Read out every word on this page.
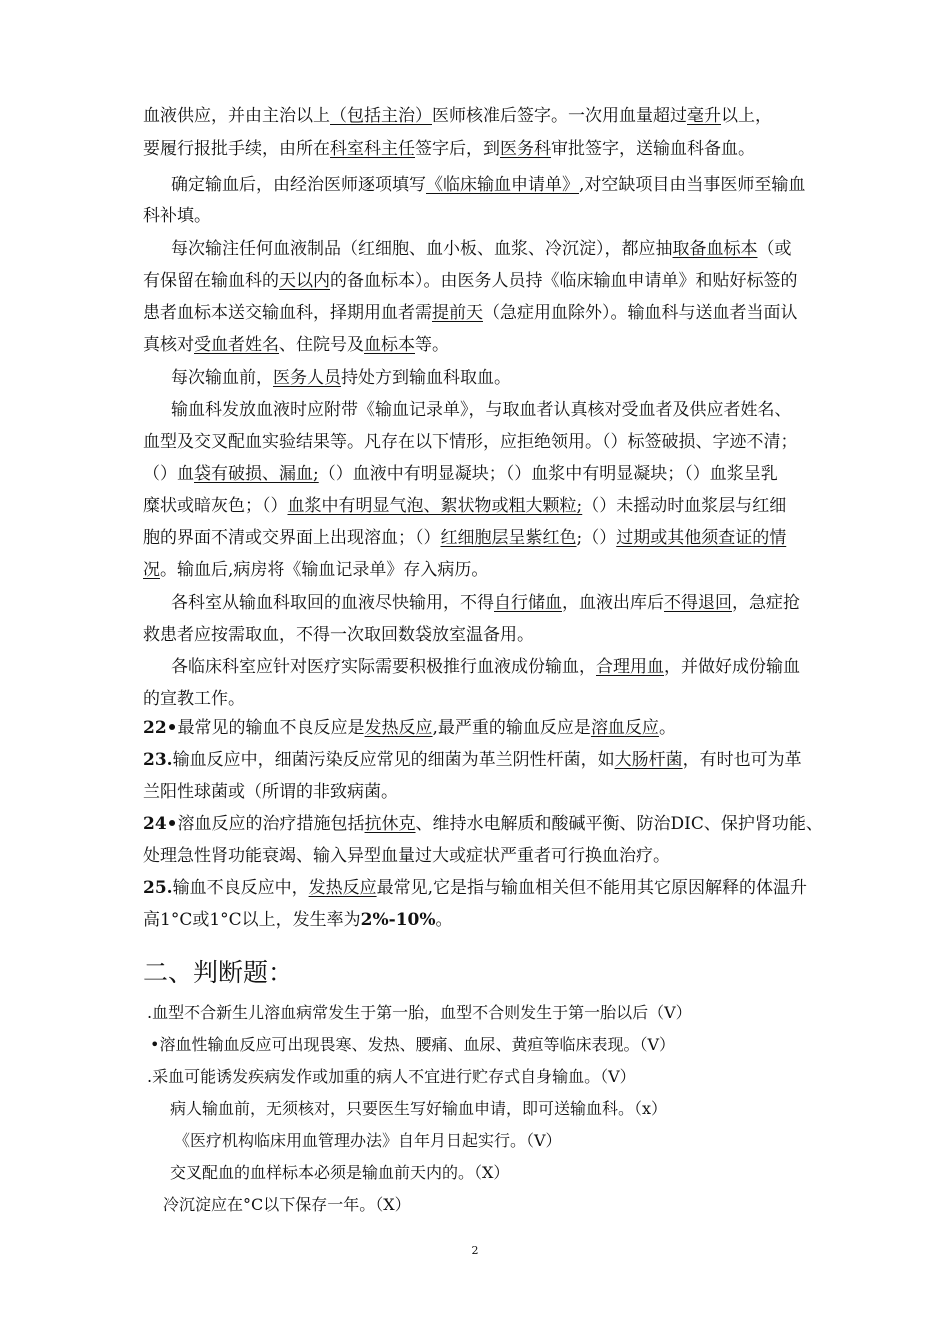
血液供应，并由主治以上（包括主治）医师核准后签字。一次用血量超过毫升以上，
要履行报批手续，由所在科室科主任签字后，到医务科审批签字，送输血科备血。
确定输血后，由经治医师逐项填写《临床输血申请单》,对空缺项目由当事医师至输血
科补填。
每次输注任何血液制品（红细胞、血小板、血浆、冷沉淀），都应抽取备血标本（或
有保留在输血科的天以内的备血标本）。由医务人员持《临床输血申请单》和贴好标签的
患者血标本送交输血科，择期用血者需提前天（急症用血除外）。输血科与送血者当面认
真核对受血者姓名、住院号及血标本等。
每次输血前，医务人员持处方到输血科取血。
输血科发放血液时应附带《输血记录单》，与取血者认真核对受血者及供应者姓名、
血型及交叉配血实验结果等。凡存在以下情形，应拒绝领用。（）标签破损、字迹不清；
（）血袋有破损、漏血;（）血液中有明显凝块；（）血浆中有明显凝块；（）血浆呈乳
糜状或暗灰色；（）血浆中有明显气泡、絮状物或粗大颗粒;（）未摇动时血浆层与红细
胞的界面不清或交界面上出现溶血；（）红细胞层呈紫红色;（）过期或其他须查证的情
况。输血后,病房将《输血记录单》存入病历。
各科室从输血科取回的血液尽快输用，不得自行储血，血液出库后不得退回，急症抢
救患者应按需取血，不得一次取回数袋放室温备用。
各临床科室应针对医疗实际需要积极推行血液成份输血，合理用血，并做好成份输血
的宣教工作。
22•最常见的输血不良反应是发热反应,最严重的输血反应是溶血反应。
23.输血反应中，细菌污染反应常见的细菌为革兰阴性杆菌，如大肠杆菌，有时也可为革
兰阳性球菌或（所谓的非致病菌。
24•溶血反应的治疗措施包括抗休克、维持水电解质和酸碱平衡、防治DIC、保护肾功能、
处理急性肾功能衰竭、输入异型血量过大或症状严重者可行换血治疗。
25.输血不良反应中，发热反应最常见,它是指与输血相关但不能用其它原因解释的体温升
高1°C或1°C以上，发生率为2%-10%。
二、判断题：
.血型不合新生儿溶血病常发生于第一胎，血型不合则发生于第一胎以后（V）
•溶血性输血反应可出现畏寒、发热、腰痛、血尿、黄疸等临床表现。（V）
.采血可能诱发疾病发作或加重的病人不宜进行贮存式自身输血。（V）
病人输血前，无须核对，只要医生写好输血申请，即可送输血科。（x）
《医疗机构临床用血管理办法》自年月日起实行。（V）
交叉配血的血样标本必须是输血前天内的。（X）
冷沉淀应在°C以下保存一年。（X）
2
